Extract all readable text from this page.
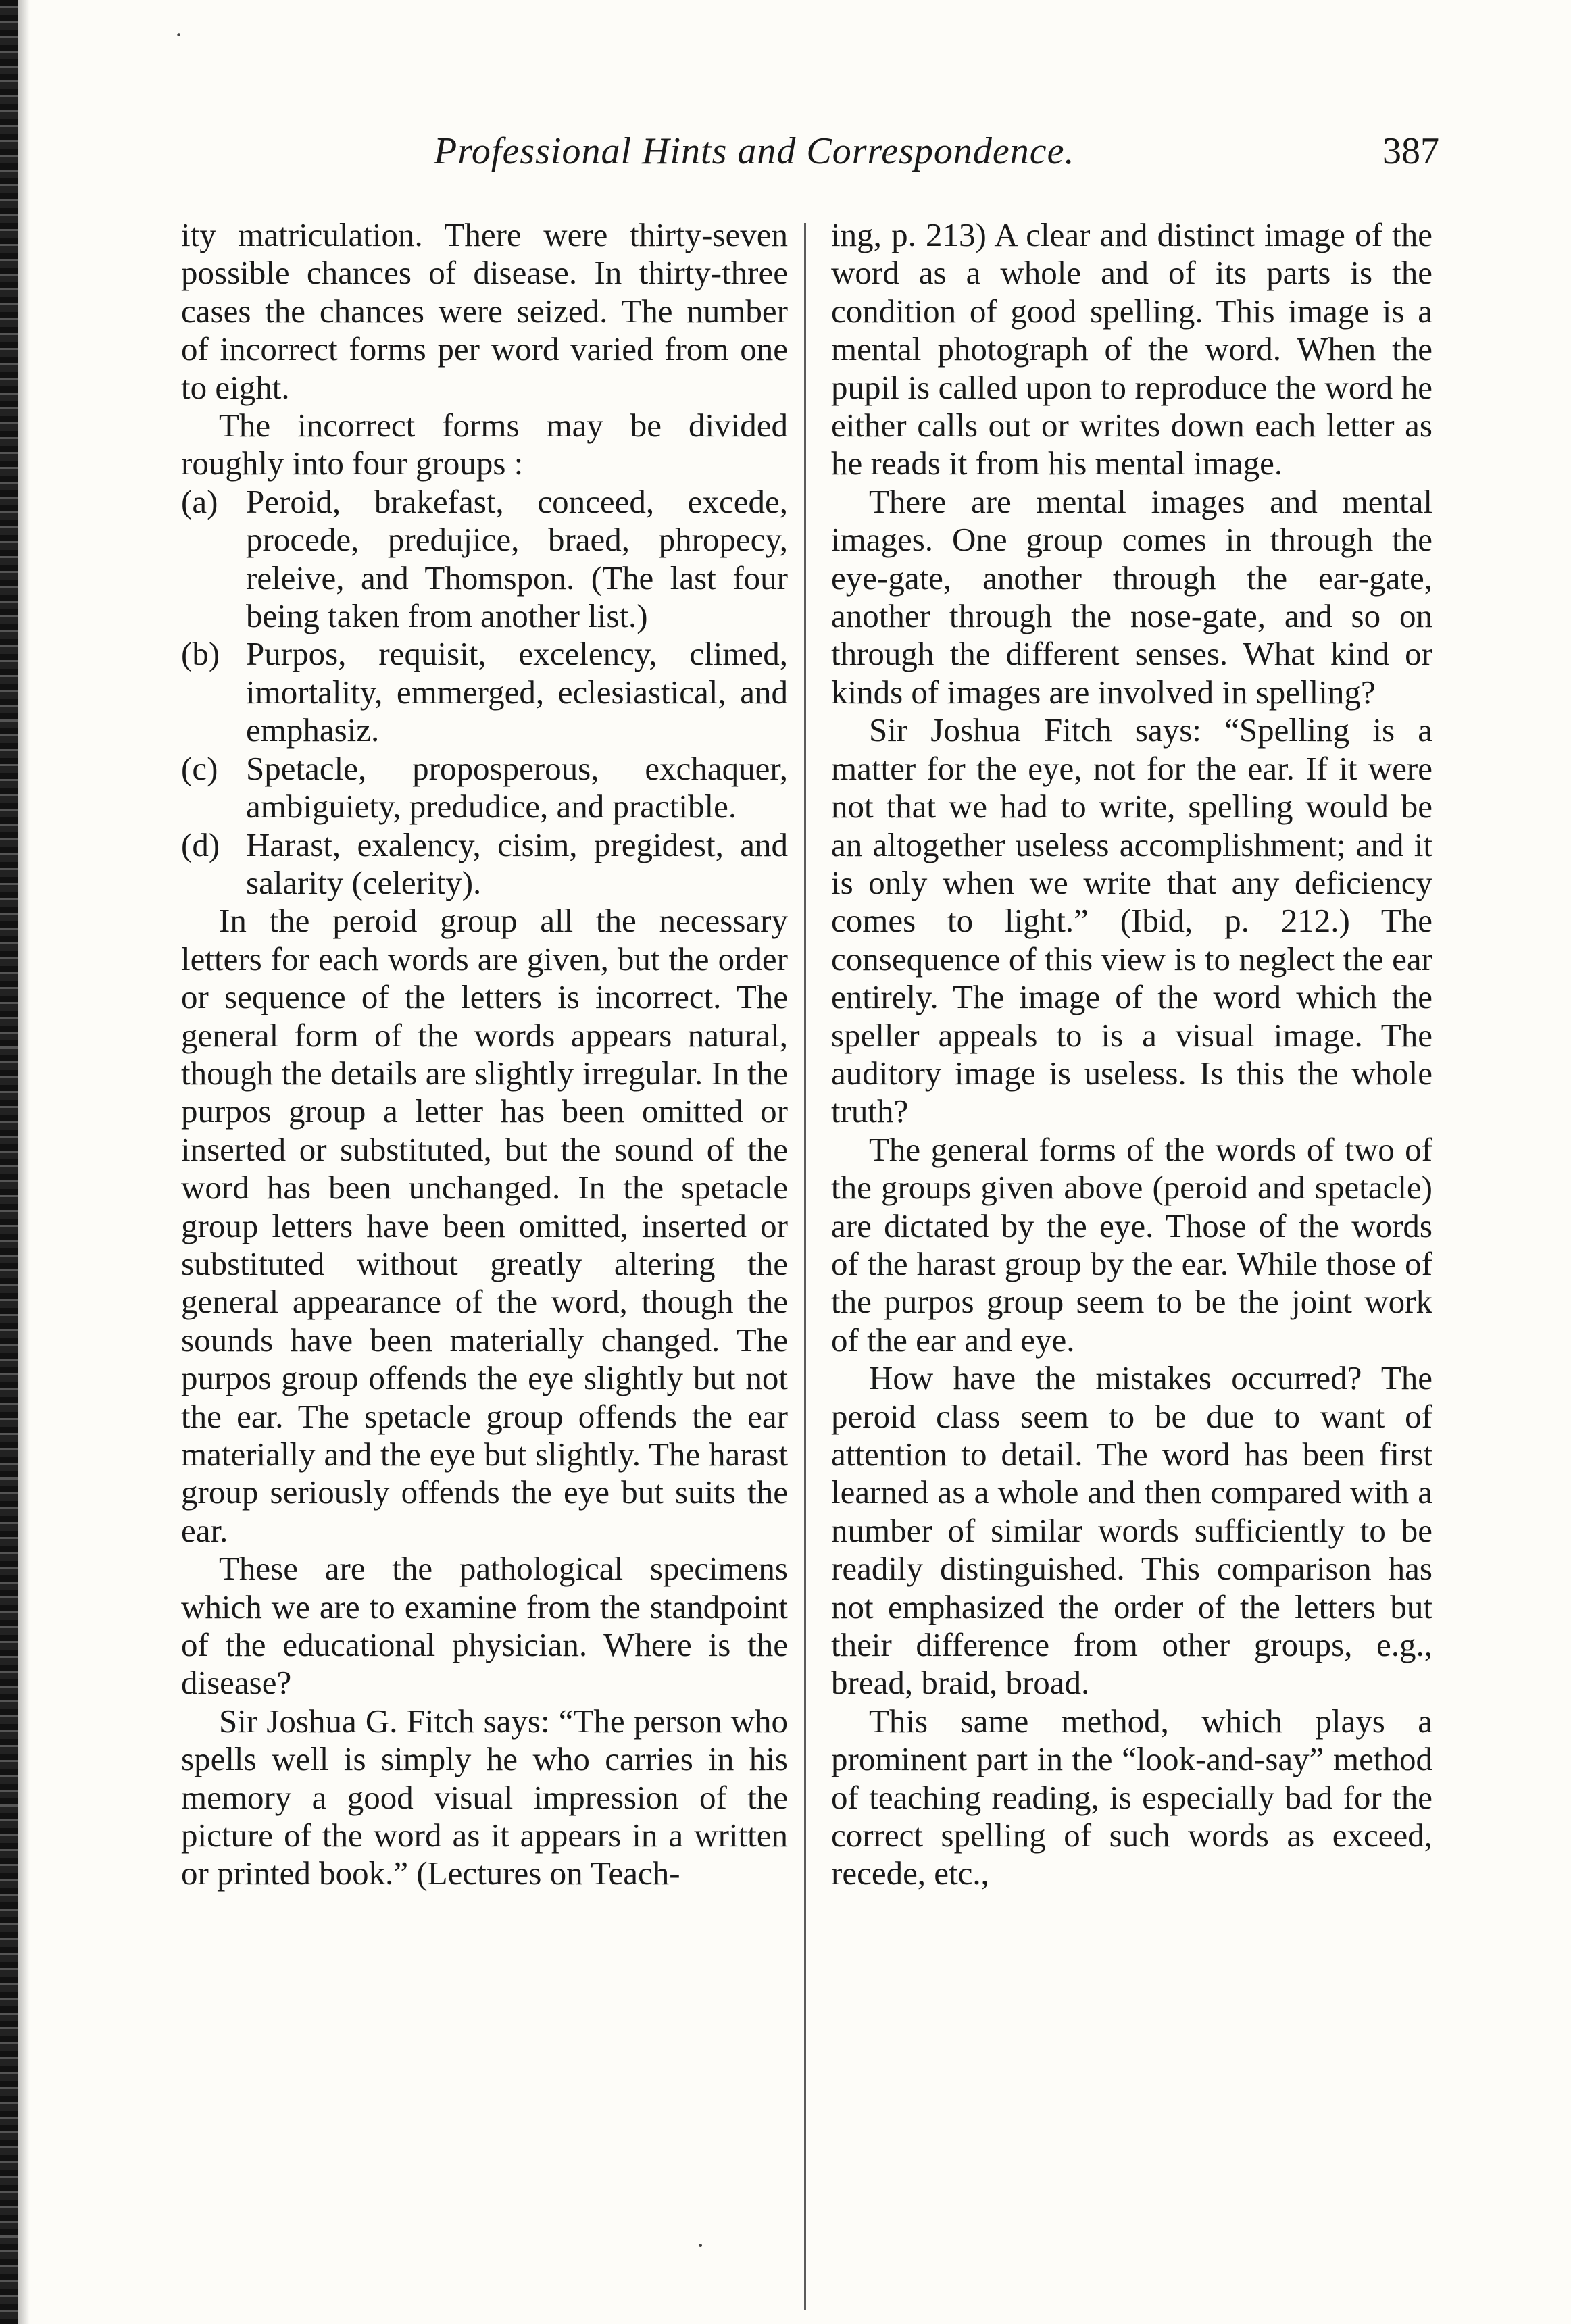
Professional Hints and Correspondence.	387

ity matriculation. There were thirty-seven possible chances of disease. In thirty-three cases the chances were seized. The number of incorrect forms per word varied from one to eight.

The incorrect forms may be divided roughly into four groups :

(a) Peroid, brakefast, conceed, excede, procede, predujice, braed, phropecy, releive, and Thomspon. (The last four being taken from another list.)
(b) Purpos, requisit, excelency, climed, imortality, emmerged, eclesiastical, and emphasiz.
(c) Spetacle, proposperous, exchaquer, ambiguiety, predudice, and practible.
(d) Harast, exalency, cisim, pregidest, and salarity (celerity).

In the peroid group all the necessary letters for each words are given, but the order or sequence of the letters is incorrect. The general form of the words appears natural, though the details are slightly irregular. In the purpos group a letter has been omitted or inserted or substituted, but the sound of the word has been unchanged. In the spetacle group letters have been omitted, inserted or substituted without greatly altering the general appearance of the word, though the sounds have been materially changed. The purpos group offends the eye slightly but not the ear. The spetacle group offends the ear materially and the eye but slightly. The harast group seriously offends the eye but suits the ear.

These are the pathological specimens which we are to examine from the standpoint of the educational physician. Where is the disease?

Sir Joshua G. Fitch says: “The person who spells well is simply he who carries in his memory a good visual impression of the picture of the word as it appears in a written or printed book.” (Lectures on Teach-

ing, p. 213) A clear and distinct image of the word as a whole and of its parts is the condition of good spelling. This image is a mental photograph of the word. When the pupil is called upon to reproduce the word he either calls out or writes down each letter as he reads it from his mental image.

There are mental images and mental images. One group comes in through the eye-gate, another through the ear-gate, another through the nose-gate, and so on through the different senses. What kind or kinds of images are involved in spelling?

Sir Joshua Fitch says: “Spelling is a matter for the eye, not for the ear. If it were not that we had to write, spelling would be an altogether useless accomplishment; and it is only when we write that any deficiency comes to light.” (Ibid, p. 212.) The consequence of this view is to neglect the ear entirely. The image of the word which the speller appeals to is a visual image. The auditory image is useless. Is this the whole truth?

The general forms of the words of two of the groups given above (peroid and spetacle) are dictated by the eye. Those of the words of the harast group by the ear. While those of the purpos group seem to be the joint work of the ear and eye.

How have the mistakes occurred? The peroid class seem to be due to want of attention to detail. The word has been first learned as a whole and then compared with a number of similar words sufficiently to be readily distinguished. This comparison has not emphasized the order of the letters but their difference from other groups, e.g., bread, braid, broad.

This same method, which plays a prominent part in the “look-and-say” method of teaching reading, is especially bad for the correct spelling of such words as exceed, recede, etc.,

·
·
